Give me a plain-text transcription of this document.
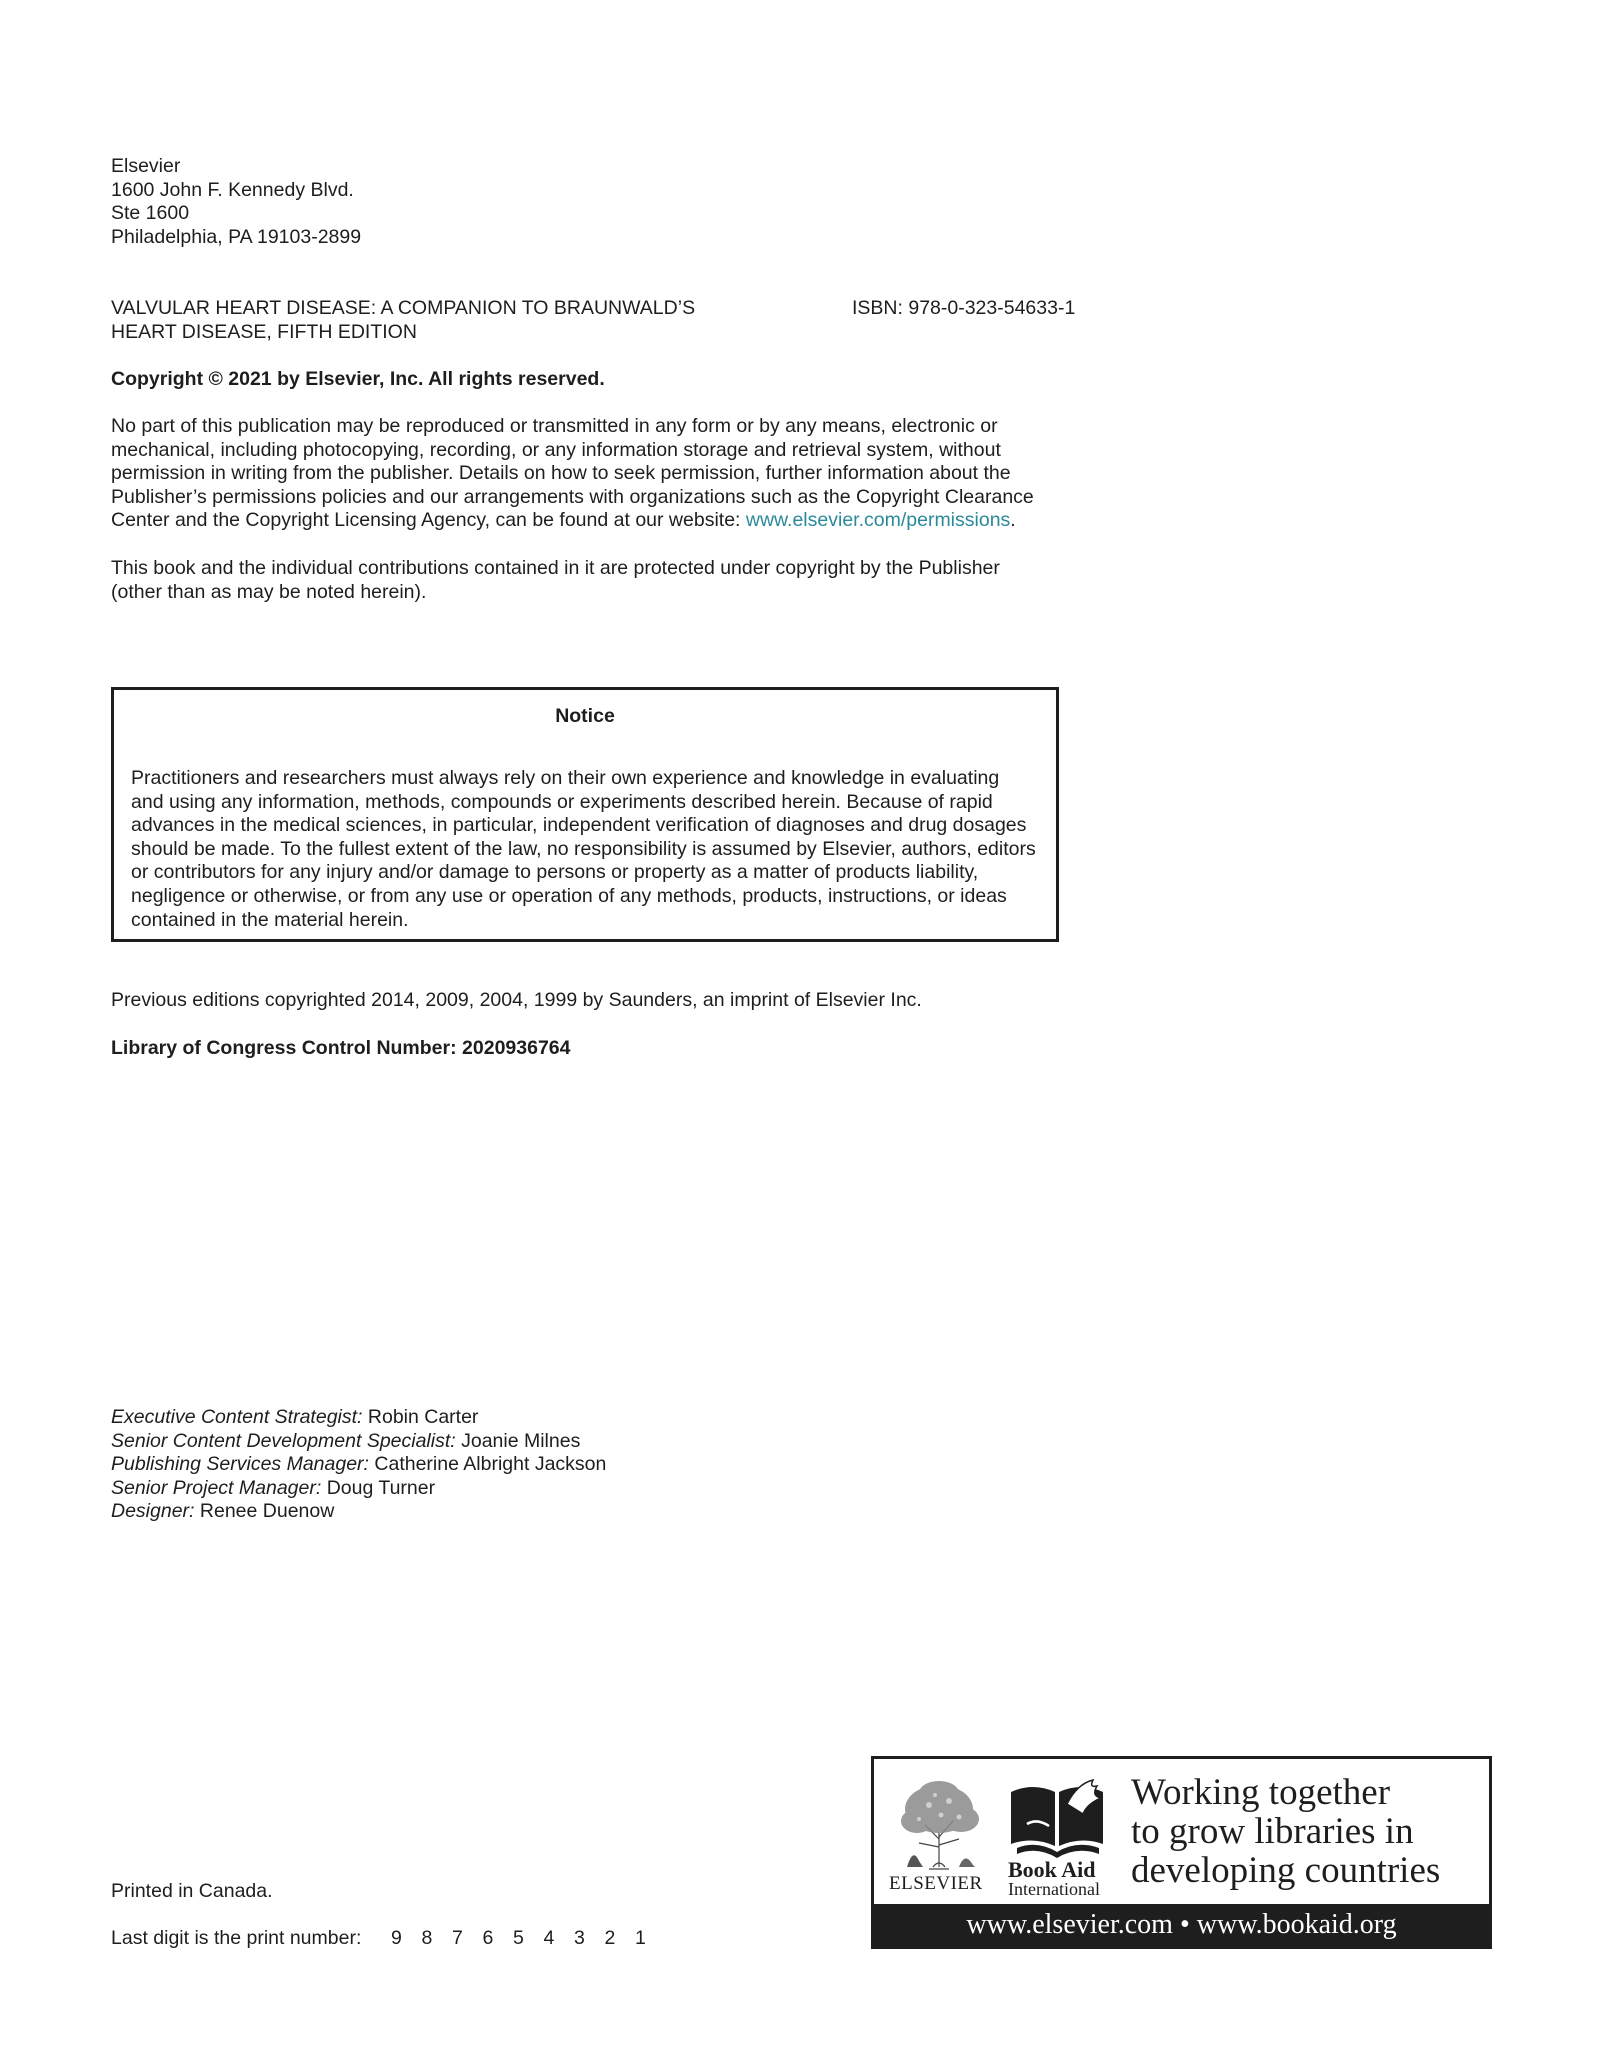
Elsevier
1600 John F. Kennedy Blvd.
Ste 1600
Philadelphia, PA 19103-2899
VALVULAR HEART DISEASE: A COMPANION TO BRAUNWALD’S
HEART DISEASE, FIFTH EDITION
ISBN: 978-0-323-54633-1
Copyright © 2021 by Elsevier, Inc. All rights reserved.
No part of this publication may be reproduced or transmitted in any form or by any means, electronic or
mechanical, including photocopying, recording, or any information storage and retrieval system, without
permission in writing from the publisher. Details on how to seek permission, further information about the
Publisher’s permissions policies and our arrangements with organizations such as the Copyright Clearance
Center and the Copyright Licensing Agency, can be found at our website: www.elsevier.com/permissions.
This book and the individual contributions contained in it are protected under copyright by the Publisher
(other than as may be noted herein).
Notice
Practitioners and researchers must always rely on their own experience and knowledge in evaluating
and using any information, methods, compounds or experiments described herein. Because of rapid
advances in the medical sciences, in particular, independent verification of diagnoses and drug dosages
should be made. To the fullest extent of the law, no responsibility is assumed by Elsevier, authors, editors
or contributors for any injury and/or damage to persons or property as a matter of products liability,
negligence or otherwise, or from any use or operation of any methods, products, instructions, or ideas
contained in the material herein.
Previous editions copyrighted 2014, 2009, 2004, 1999 by Saunders, an imprint of Elsevier Inc.
Library of Congress Control Number: 2020936764
Executive Content Strategist: Robin Carter
Senior Content Development Specialist: Joanie Milnes
Publishing Services Manager: Catherine Albright Jackson
Senior Project Manager: Doug Turner
Designer: Renee Duenow
Printed in Canada.
Last digit is the print number: 9 8 7 6 5 4 3 2 1
ELSEVIER
Book Aid
International
Working together
to grow libraries in
developing countries
www.elsevier.com • www.bookaid.org
